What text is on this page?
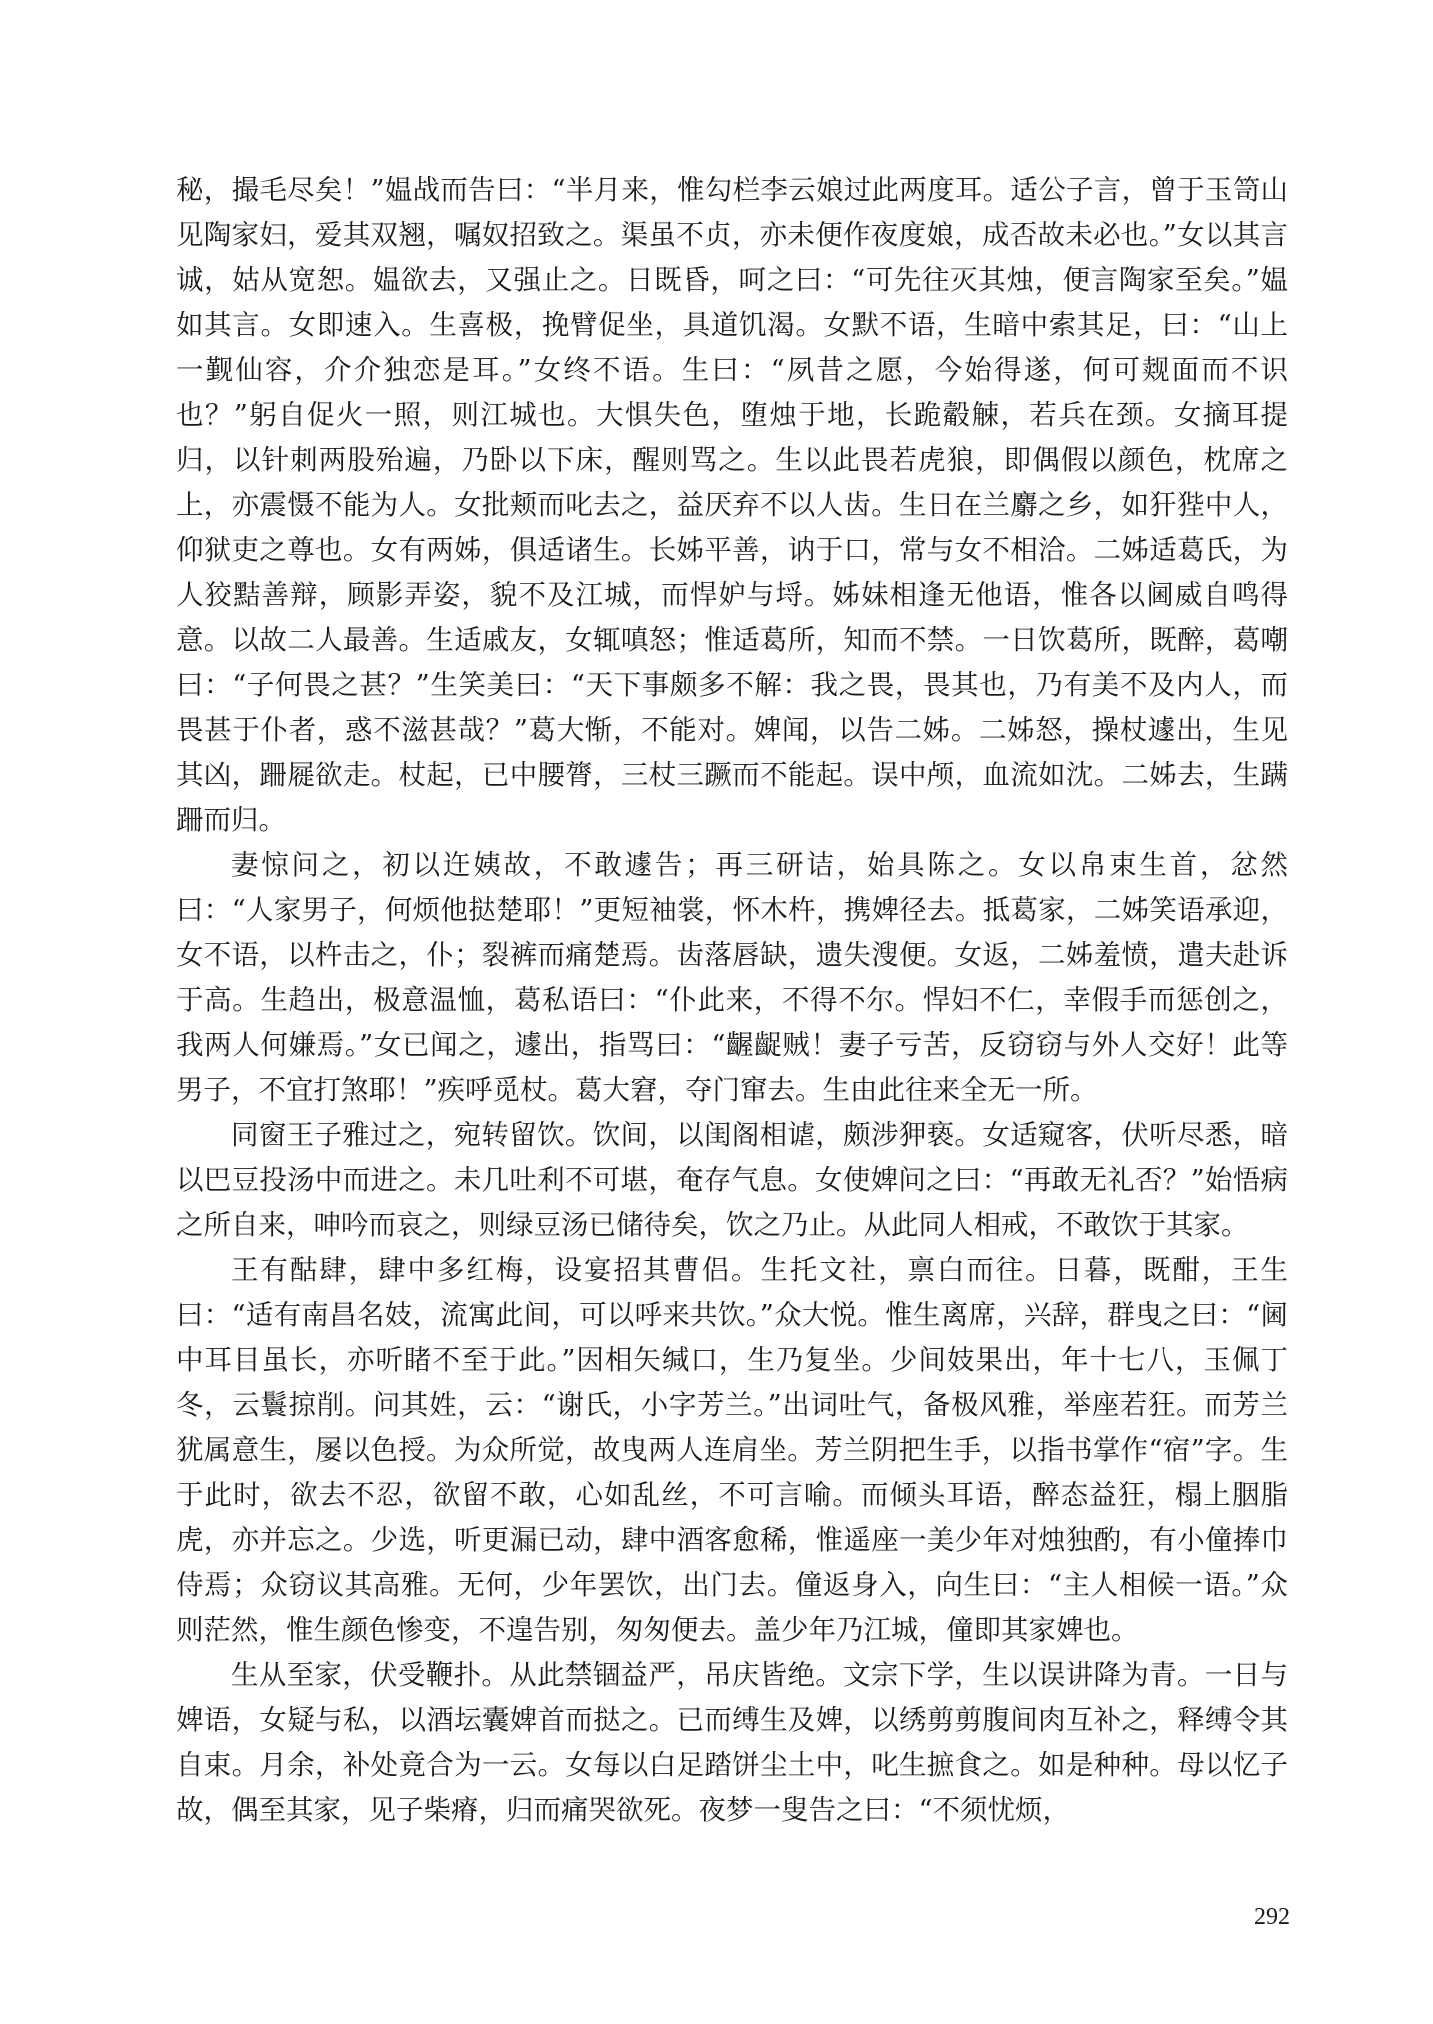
秘，撮毛尽矣！”媪战而告曰：“半月来，惟勾栏李云娘过此两度耳。适公子言，曾于玉笥山见陶家妇，爱其双翘，嘱奴招致之。渠虽不贞，亦未便作夜度娘，成否故未必也。”女以其言诚，姑从宽恕。媪欲去，又强止之。日既昏，呵之曰：“可先往灭其烛，便言陶家至矣。”媪如其言。女即速入。生喜极，挽臂促坐，具道饥渴。女默不语，生暗中索其足，曰：“山上一觐仙容，介介独恋是耳。”女终不语。生曰：“夙昔之愿，今始得遂，何可觌面而不识也？”躬自促火一照，则江城也。大惧失色，堕烛于地，长跪觳觫，若兵在颈。女摘耳提归，以针刺两股殆遍，乃卧以下床，醒则骂之。生以此畏若虎狼，即偶假以颜色，枕席之上，亦震慑不能为人。女批颊而叱去之，益厌弃不以人齿。生日在兰麝之乡，如犴狴中人，仰狱吏之尊也。女有两姊，俱适诸生。长姊平善，讷于口，常与女不相洽。二姊适葛氏，为人狡黠善辩，顾影弄姿，貌不及江城，而悍妒与埒。姊妹相逢无他语，惟各以阃威自鸣得意。以故二人最善。生适戚友，女辄嗔怒；惟适葛所，知而不禁。一日饮葛所，既醉，葛嘲曰：“子何畏之甚？”生笑美曰：“天下事颇多不解：我之畏，畏其也，乃有美不及内人，而畏甚于仆者，惑不滋甚哉？”葛大惭，不能对。婢闻，以告二姊。二姊怒，操杖遽出，生见其凶，跚屣欲走。杖起，已中腰膂，三杖三蹶而不能起。误中颅，血流如沈。二姊去，生蹒跚而归。

妻惊问之，初以迕姨故，不敢遽告；再三研诘，始具陈之。女以帛束生首，忿然曰：“人家男子，何烦他挞楚耶！”更短袖裳，怀木杵，携婢径去。抵葛家，二姊笑语承迎，女不语，以杵击之，仆；裂裤而痛楚焉。齿落唇缺，遗失溲便。女返，二姊羞愤，遣夫赴诉于高。生趋出，极意温恤，葛私语曰：“仆此来，不得不尔。悍妇不仁，幸假手而惩创之，我两人何嫌焉。”女已闻之，遽出，指骂曰：“齷齪贼！妻子亏苦，反窃窃与外人交好！此等男子，不宜打煞耶！”疾呼觅杖。葛大窘，夺门窜去。生由此往来全无一所。

同窗王子雅过之，宛转留饮。饮间，以闺阁相谑，颇涉狎亵。女适窥客，伏听尽悉，暗以巴豆投汤中而进之。未几吐利不可堪，奄存气息。女使婢问之曰：“再敢无礼否？”始悟病之所自来，呻吟而哀之，则绿豆汤已储待矣，饮之乃止。从此同人相戒，不敢饮于其家。

王有酤肆，肆中多红梅，设宴招其曹侣。生托文社，禀白而往。日暮，既酣，王生曰：“适有南昌名妓，流寓此间，可以呼来共饮。”众大悦。惟生离席，兴辞，群曳之曰：“阃中耳目虽长，亦听睹不至于此。”因相矢缄口，生乃复坐。少间妓果出，年十七八，玉佩丁冬，云鬟掠削。问其姓，云：“谢氏，小字芳兰。”出词吐气，备极风雅，举座若狂。而芳兰犹属意生，屡以色授。为众所觉，故曳两人连肩坐。芳兰阴把生手，以指书掌作“宿”字。生于此时，欲去不忍，欲留不敢，心如乱丝，不可言喻。而倾头耳语，醉态益狂，榻上胭脂虎，亦并忘之。少选，听更漏已动，肆中酒客愈稀，惟遥座一美少年对烛独酌，有小僮捧巾侍焉；众窃议其高雅。无何，少年罢饮，出门去。僮返身入，向生曰：“主人相候一语。”众则茫然，惟生颜色惨变，不遑告别，匆匆便去。盖少年乃江城，僮即其家婢也。

生从至家，伏受鞭扑。从此禁锢益严，吊庆皆绝。文宗下学，生以误讲降为青。一日与婢语，女疑与私，以酒坛囊婢首而挞之。已而缚生及婢，以绣剪剪腹间肉互补之，释缚令其自束。月余，补处竟合为一云。女每以白足踏饼尘土中，叱生摭食之。如是种种。母以忆子故，偶至其家，见子柴瘠，归而痛哭欲死。夜梦一叟告之曰：“不须忧烦，

292
